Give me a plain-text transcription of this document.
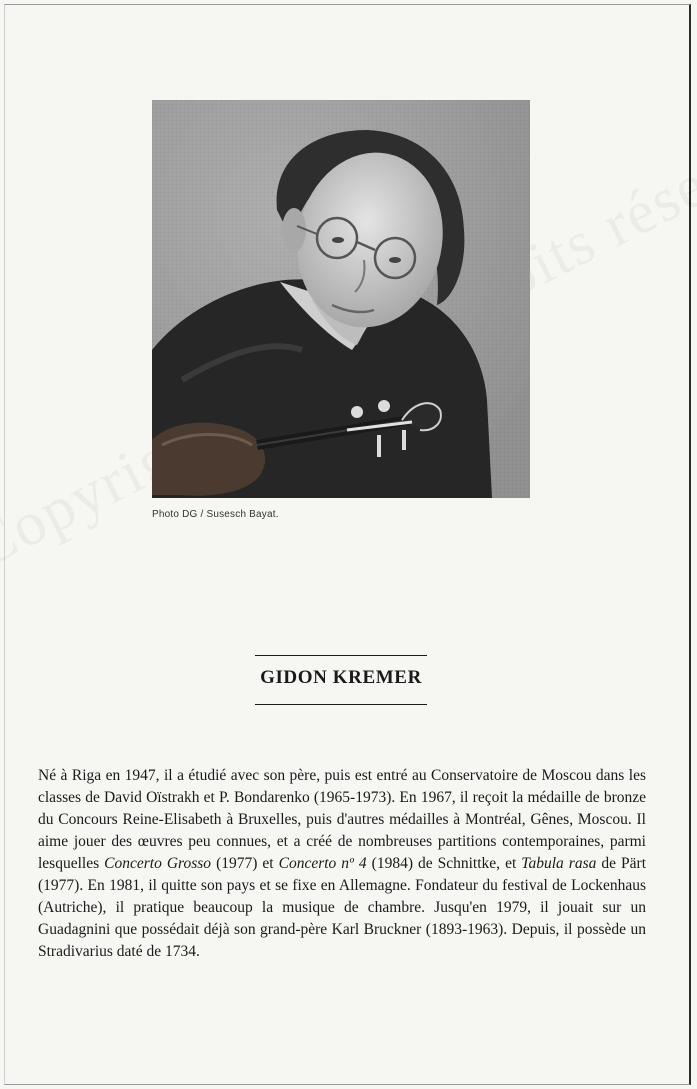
Photo DG / Susesch Bayat.
GIDON KREMER

Né à Riga en 1947, il a étudié avec son père, puis est entré au Conservatoire de Moscou dans les classes de David Oïstrakh et P. Bondarenko (1965-1973). En 1967, il reçoit la médaille de bronze du Concours Reine-Elisabeth à Bruxelles, puis d'autres médailles à Montréal, Gênes, Moscou. Il aime jouer des œuvres peu connues, et a créé de nombreuses partitions contemporaines, parmi lesquelles Concerto Grosso (1977) et Concerto nº 4 (1984) de Schnittke, et Tabula rasa de Pärt (1977). En 1981, il quitte son pays et se fixe en Allemagne. Fondateur du festival de Lockenhaus (Autriche), il pratique beaucoup la musique de chambre. Jusqu'en 1979, il jouait sur un Guadagnini que possédait déjà son grand-père Karl Bruckner (1893-1963). Depuis, il possède un Stradivarius daté de 1734.
